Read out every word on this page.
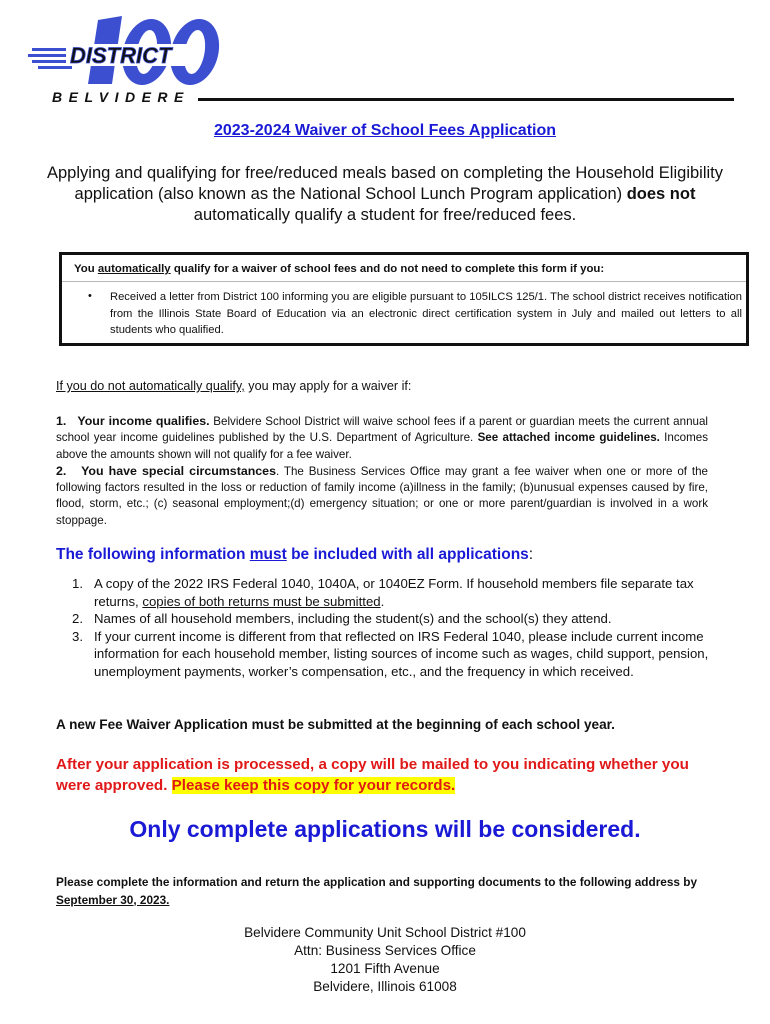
DISTRICT
BELVIDERE
2023-2024 Waiver of School Fees Application
Applying and qualifying for free/reduced meals based on completing the Household Eligibility application (also known as the National School Lunch Program application) does not automatically qualify a student for free/reduced fees.
You automatically qualify for a waiver of school fees and do not need to complete this form if you:
• Received a letter from District 100 informing you are eligible pursuant to 105ILCS 125/1. The school district receives notification from the Illinois State Board of Education via an electronic direct certification system in July and mailed out letters to all students who qualified.
If you do not automatically qualify, you may apply for a waiver if:
1. Your income qualifies. Belvidere School District will waive school fees if a parent or guardian meets the current annual school year income guidelines published by the U.S. Department of Agriculture. See attached income guidelines. Incomes above the amounts shown will not qualify for a fee waiver.
2. You have special circumstances. The Business Services Office may grant a fee waiver when one or more of the following factors resulted in the loss or reduction of family income (a)illness in the family; (b)unusual expenses caused by fire, flood, storm, etc.; (c) seasonal employment;(d) emergency situation; or one or more parent/guardian is involved in a work stoppage.
The following information must be included with all applications:
1. A copy of the 2022 IRS Federal 1040, 1040A, or 1040EZ Form. If household members file separate tax returns, copies of both returns must be submitted.
2. Names of all household members, including the student(s) and the school(s) they attend.
3. If your current income is different from that reflected on IRS Federal 1040, please include current income information for each household member, listing sources of income such as wages, child support, pension, unemployment payments, worker’s compensation, etc., and the frequency in which received.
A new Fee Waiver Application must be submitted at the beginning of each school year.
After your application is processed, a copy will be mailed to you indicating whether you were approved. Please keep this copy for your records.
Only complete applications will be considered.
Please complete the information and return the application and supporting documents to the following address by September 30, 2023.
Belvidere Community Unit School District #100
Attn: Business Services Office
1201 Fifth Avenue
Belvidere, Illinois 61008
